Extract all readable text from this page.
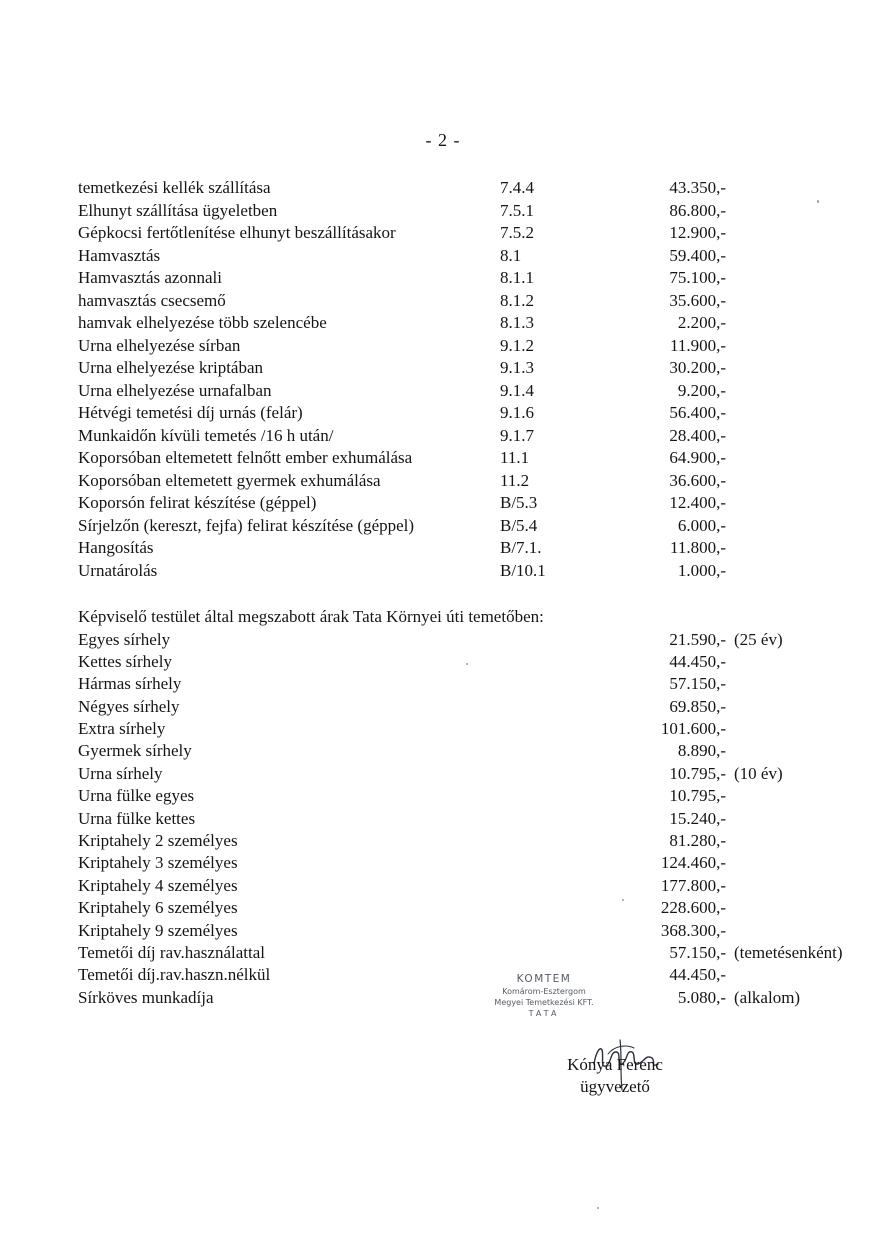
- 2 -
temetkezési kellék szállítása	7.4.4	43.350,-
Elhunyt szállítása ügyeletben	7.5.1	86.800,-
Gépkocsi fertőtlenítése elhunyt beszállításakor	7.5.2	12.900,-
Hamvasztás	8.1	59.400,-
Hamvasztás azonnali	8.1.1	75.100,-
hamvasztás csecsemő	8.1.2	35.600,-
hamvak elhelyezése több szelencébe	8.1.3	2.200,-
Urna elhelyezése sírban	9.1.2	11.900,-
Urna elhelyezése kriptában	9.1.3	30.200,-
Urna elhelyezése urnafalban	9.1.4	9.200,-
Hétvégi temetési díj urnás (felár)	9.1.6	56.400,-
Munkaidőn kívüli temetés /16 h után/	9.1.7	28.400,-
Koporsóban eltemetett felnőtt ember exhumálása	11.1	64.900,-
Koporsóban eltemetett gyermek exhumálása	11.2	36.600,-
Koporsón felirat készítése (géppel)	B/5.3	12.400,-
Sírjelzőn (kereszt, fejfa) felirat készítése (géppel)	B/5.4	6.000,-
Hangosítás	B/7.1.	11.800,-
Urnatárolás	B/10.1	1.000,-
Képviselő testület által megszabott árak Tata Környei úti temetőben:
Egyes sírhely	21.590,- (25 év)
Kettes sírhely	44.450,-
Hármas sírhely	57.150,-
Négyes sírhely	69.850,-
Extra sírhely	101.600,-
Gyermek sírhely	8.890,-
Urna sírhely	10.795,- (10 év)
Urna fülke egyes	10.795,-
Urna fülke kettes	15.240,-
Kriptahely 2 személyes	81.280,-
Kriptahely 3 személyes	124.460,-
Kriptahely 4 személyes	177.800,-
Kriptahely 6 személyes	228.600,-
Kriptahely 9 személyes	368.300,-
Temetői díj rav.használattal	57.150,- (temetésenként)
Temetői díj.rav.haszn.nélkül	44.450,-
Sírköves munkadíja	5.080,- (alkalom)
KOMTEM
Komárom-Esztergom
Megyei Temetkezési KFT.
TATA
Kónya Ferenc
ügyvezető
